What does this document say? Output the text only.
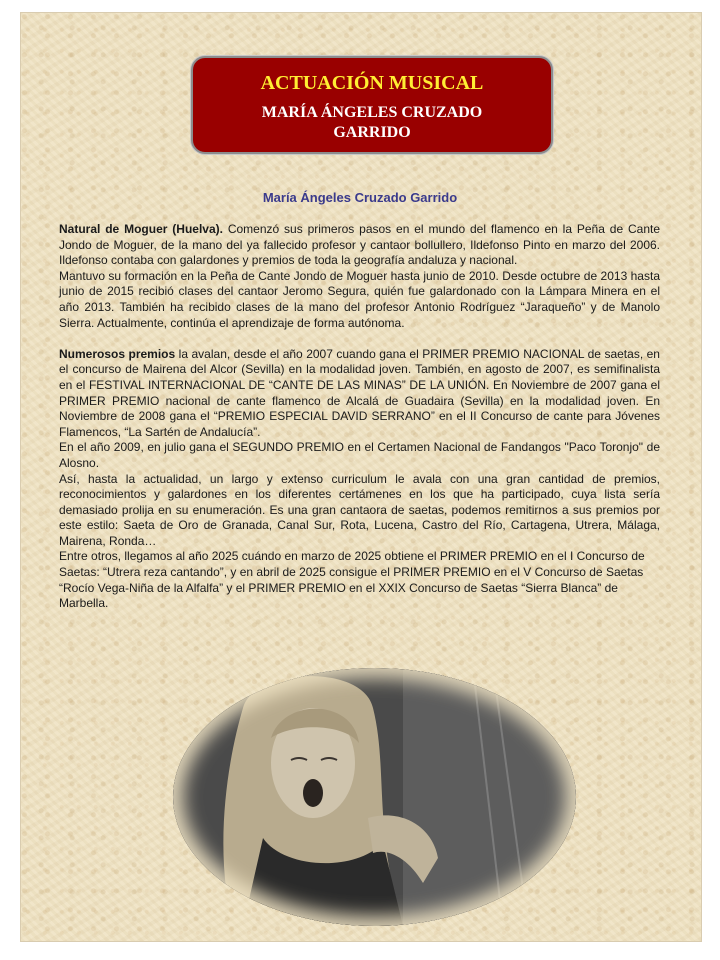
ACTUACIÓN MUSICAL
MARÍA ÁNGELES CRUZADO
GARRIDO
María Ángeles Cruzado Garrido

Natural de Moguer (Huelva). Comenzó sus primeros pasos en el mundo del flamenco en la Peña de Cante Jondo de Moguer, de la mano del ya fallecido profesor y cantaor bollullero, Ildefonso Pinto en marzo del 2006. Ildefonso contaba con galardones y premios de toda la geografía andaluza y nacional.

Mantuvo su formación en la Peña de Cante Jondo de Moguer hasta junio de 2010. Desde octubre de 2013 hasta junio de 2015 recibió clases del cantaor Jeromo Segura, quién fue galardonado con la Lámpara Minera en el año 2013. También ha recibido clases de la mano del profesor Antonio Rodríguez “Jaraqueño” y de Manolo Sierra. Actualmente, continúa el aprendizaje de forma autónoma.

Numerosos premios la avalan, desde el año 2007 cuando gana el PRIMER PREMIO NACIONAL de saetas, en el concurso de Mairena del Alcor (Sevilla) en la modalidad joven. También, en agosto de 2007, es semifinalista en el FESTIVAL INTERNACIONAL DE “CANTE DE LAS MINAS” DE LA UNIÓN. En Noviembre de 2007 gana el PRIMER PREMIO nacional de cante flamenco de Alcalá de Guadaira (Sevilla) en la modalidad joven. En Noviembre de 2008 gana el “PREMIO ESPECIAL DAVID SERRANO” en el II Concurso de cante para Jóvenes Flamencos, “La Sartén de Andalucía”.

En el año 2009, en julio gana el SEGUNDO PREMIO en el Certamen Nacional de Fandangos "Paco Toronjo" de Alosno.

Así, hasta la actualidad, un largo y extenso curriculum le avala con una gran cantidad de premios, reconocimientos y galardones en los diferentes certámenes en los que ha participado, cuya lista sería demasiado prolija en su enumeración. Es una gran cantaora de saetas, podemos remitirnos a sus premios por este estilo: Saeta de Oro de Granada, Canal Sur, Rota, Lucena, Castro del Río, Cartagena, Utrera, Málaga, Mairena, Ronda…

Entre otros, llegamos al año 2025 cuándo en marzo de 2025 obtiene el PRIMER PREMIO en el I Concurso de Saetas: “Utrera reza cantando”, y en abril de 2025 consigue el PRIMER PREMIO en el V Concurso de Saetas “Rocío Vega-Niña de la Alfalfa” y el PRIMER PREMIO en el XXIX Concurso de Saetas “Sierra Blanca” de Marbella.
